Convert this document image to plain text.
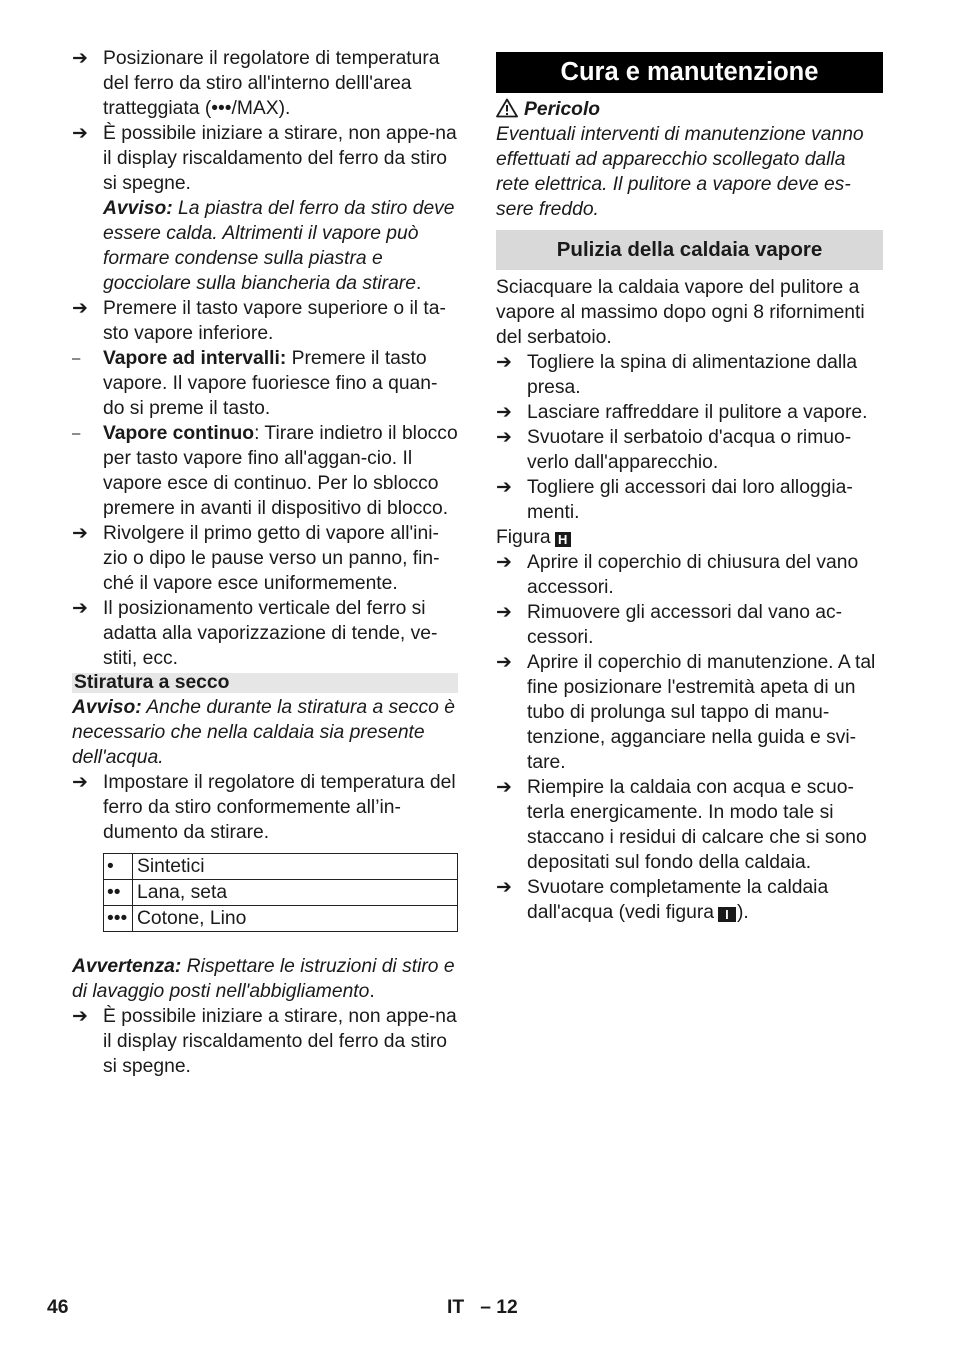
➔ Posizionare il regolatore di temperatura del ferro da stiro all'interno delll'area tratteggiata (•••/MAX).
➔ È possibile iniziare a stirare, non appe-na il display riscaldamento del ferro da stiro si spegne.

Avviso: La piastra del ferro da stiro deve essere calda. Altrimenti il vapore può formare condense sulla piastra e gocciolare sulla biancheria da stirare.

➔ Premere il tasto vapore superiore o il ta-sto vapore inferiore.
–	Vapore ad intervalli: Premere il tasto vapore. Il vapore fuoriesce fino a quan-do si preme il tasto.
–	Vapore continuo: Tirare indietro il blocco per tasto vapore fino all'aggan-cio. Il vapore esce di continuo. Per lo sblocco premere in avanti il dispositivo di blocco.
➔ Rivolgere il primo getto di vapore all'ini-zio o dipo le pause verso un panno, fin-ché il vapore esce uniformemente.
➔ Il posizionamento verticale del ferro si adatta alla vaporizzazione di tende, ve-stiti, ecc.
Stiratura a secco

Avviso: Anche durante la stiratura a secco è necessario che nella caldaia sia presente dell'acqua.

➔ Impostare il regolatore di temperatura del ferro da stiro conformemente all’in-dumento da stirare.
•	Sintetici
••	Lana, seta
•••	Cotone, Lino

Avvertenza: Rispettare le istruzioni di stiro e di lavaggio posti nell'abbigliamento.

➔ È possibile iniziare a stirare, non appe-na il display riscaldamento del ferro da stiro si spegne.
Cura e manutenzione
Pericolo

Eventuali interventi di manutenzione vanno effettuati ad apparecchio scollegato dalla rete elettrica. Il pulitore a vapore deve es-sere freddo.

Pulizia della caldaia vapore

Sciacquare la caldaia vapore del pulitore a vapore al massimo dopo ogni 8 rifornimenti del serbatoio.

➔ Togliere la spina di alimentazione dalla presa.
➔ Lasciare raffreddare il pulitore a vapore.
➔ Svuotare il serbatoio d'acqua o rimuo-verlo dall'apparecchio.
➔ Togliere gli accessori dai loro alloggia-menti.

Figura H

➔ Aprire il coperchio di chiusura del vano accessori.
➔ Rimuovere gli accessori dal vano ac-cessori.
➔ Aprire il coperchio di manutenzione. A tal fine posizionare l'estremità apeta di un tubo di prolunga sul tappo di manu-tenzione, agganciare nella guida e svi-tare.
➔ Riempire la caldaia con acqua e scuo-terla energicamente. In modo tale si staccano i residui di calcare che si sono depositati sul fondo della caldaia.
➔ Svuotare completamente la caldaia dall'acqua (vedi figura I ).
46	IT   – 12
